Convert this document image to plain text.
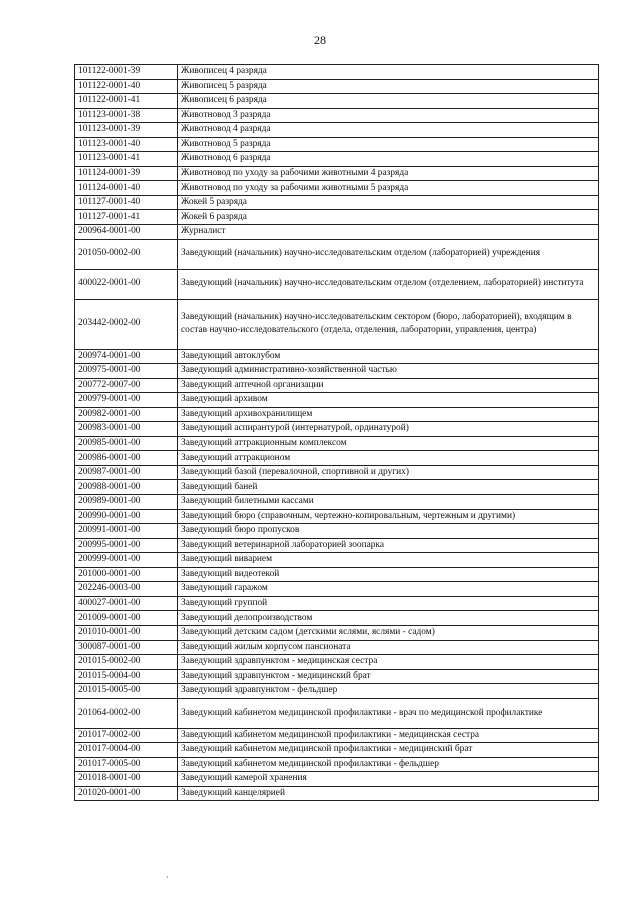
28
101122-0001-39	Живописец 4 разряда
101122-0001-40	Живописец 5 разряда
101122-0001-41	Живописец 6 разряда
101123-0001-38	Животновод 3 разряда
101123-0001-39	Животновод 4 разряда
101123-0001-40	Животновод 5 разряда
101123-0001-41	Животновод 6 разряда
101124-0001-39	Животновод по уходу за рабочими животными 4 разряда
101124-0001-40	Животновод по уходу за рабочими животными 5 разряда
101127-0001-40	Жокей 5 разряда
101127-0001-41	Жокей 6 разряда
200964-0001-00	Журналист
201050-0002-00	Заведующий (начальник) научно-исследовательским отделом (лабораторией) учреждения
400022-0001-00	Заведующий (начальник) научно-исследовательским отделом (отделением, лабораторией) института
203442-0002-00	Заведующий (начальник) научно-исследовательским сектором (бюро, лабораторией), входящим в состав научно-исследовательского (отдела, отделения, лаборатории, управления, центра)
200974-0001-00	Заведующий автоклубом
200975-0001-00	Заведующий административно-хозяйственной частью
200772-0007-00	Заведующий аптечной организации
200979-0001-00	Заведующий архивом
200982-0001-00	Заведующий архивохранилищем
200983-0001-00	Заведующий аспирантурой (интернатурой, ординатурой)
200985-0001-00	Заведующий аттракционным комплексом
200986-0001-00	Заведующий аттракционом
200987-0001-00	Заведующий базой (перевалочной, спортивной и других)
200988-0001-00	Заведующий баней
200989-0001-00	Заведующий билетными кассами
200990-0001-00	Заведующий бюро (справочным, чертежно-копировальным, чертежным и другими)
200991-0001-00	Заведующий бюро пропусков
200995-0001-00	Заведующий ветеринарной лабораторией зоопарка
200999-0001-00	Заведующий виварием
201000-0001-00	Заведующий видеотекой
202246-0003-00	Заведующий гаражом
400027-0001-00	Заведующий группой
201009-0001-00	Заведующий делопроизводством
201010-0001-00	Заведующий детским садом (детскими яслями, яслями - садом)
300087-0001-00	Заведующий жилым корпусом пансионата
201015-0002-00	Заведующий здравпунктом - медицинская сестра
201015-0004-00	Заведующий здравпунктом - медицинский брат
201015-0005-00	Заведующий здравпунктом - фельдшер
201064-0002-00	Заведующий кабинетом медицинской профилактики - врач по медицинской профилактике
201017-0002-00	Заведующий кабинетом медицинской профилактики - медицинская сестра
201017-0004-00	Заведующий кабинетом медицинской профилактики - медицинский брат
201017-0005-00	Заведующий кабинетом медицинской профилактики - фельдшер
201018-0001-00	Заведующий камерой хранения
201020-0001-00	Заведующий канцелярией
·
